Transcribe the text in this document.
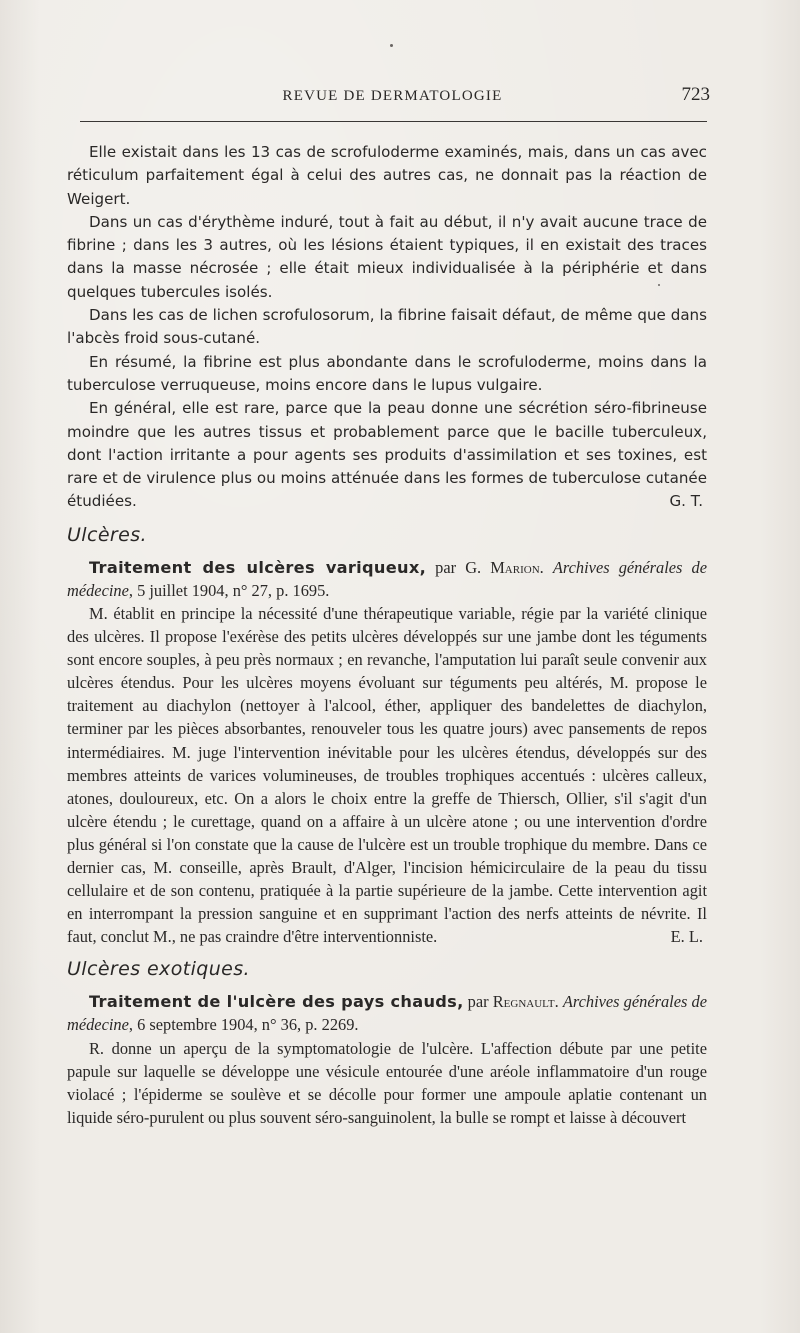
REVUE DE DERMATOLOGIE	723

Elle existait dans les 13 cas de scrofuloderme examinés, mais, dans un cas avec réticulum parfaitement égal à celui des autres cas, ne donnait pas la réaction de Weigert.

Dans un cas d'érythème induré, tout à fait au début, il n'y avait aucune trace de fibrine ; dans les 3 autres, où les lésions étaient typiques, il en existait des traces dans la masse nécrosée ; elle était mieux individualisée à la périphérie et dans quelques tubercules isolés.

Dans les cas de lichen scrofulosorum, la fibrine faisait défaut, de même que dans l'abcès froid sous-cutané.

En résumé, la fibrine est plus abondante dans le scrofuloderme, moins dans la tuberculose verruqueuse, moins encore dans le lupus vulgaire.

En général, elle est rare, parce que la peau donne une sécrétion séro-fibrineuse moindre que les autres tissus et probablement parce que le bacille tuberculeux, dont l'action irritante a pour agents ses produits d'assimilation et ses toxines, est rare et de virulence plus ou moins atténuée dans les formes de tuberculose cutanée étudiées.	G. T.

Ulcères.

Traitement des ulcères variqueux, par G. Marion. Archives générales de médecine, 5 juillet 1904, n° 27, p. 1695.

M. établit en principe la nécessité d'une thérapeutique variable, régie par la variété clinique des ulcères. Il propose l'exérèse des petits ulcères développés sur une jambe dont les téguments sont encore souples, à peu près normaux ; en revanche, l'amputation lui paraît seule convenir aux ulcères étendus. Pour les ulcères moyens évoluant sur téguments peu altérés, M. propose le traitement au diachylon (nettoyer à l'alcool, éther, appliquer des bandelettes de diachylon, terminer par les pièces absorbantes, renouveler tous les quatre jours) avec pansements de repos intermédiaires. M. juge l'intervention inévitable pour les ulcères étendus, développés sur des membres atteints de varices volumineuses, de troubles trophiques accentués : ulcères calleux, atones, douloureux, etc. On a alors le choix entre la greffe de Thiersch, Ollier, s'il s'agit d'un ulcère étendu ; le curettage, quand on a affaire à un ulcère atone ; ou une intervention d'ordre plus général si l'on constate que la cause de l'ulcère est un trouble trophique du membre. Dans ce dernier cas, M. conseille, après Brault, d'Alger, l'incision hémicirculaire de la peau du tissu cellulaire et de son contenu, pratiquée à la partie supérieure de la jambe. Cette intervention agit en interrompant la pression sanguine et en supprimant l'action des nerfs atteints de névrite. Il faut, conclut M., ne pas craindre d'être interventionniste.	E. L.

Ulcères exotiques.

Traitement de l'ulcère des pays chauds, par Regnault. Archives générales de médecine, 6 septembre 1904, n° 36, p. 2269.

R. donne un aperçu de la symptomatologie de l'ulcère. L'affection débute par une petite papule sur laquelle se développe une vésicule entourée d'une aréole inflammatoire d'un rouge violacé ; l'épiderme se soulève et se décolle pour former une ampoule aplatie contenant un liquide séro-purulent ou plus souvent séro-sanguinolent, la bulle se rompt et laisse à découvert
